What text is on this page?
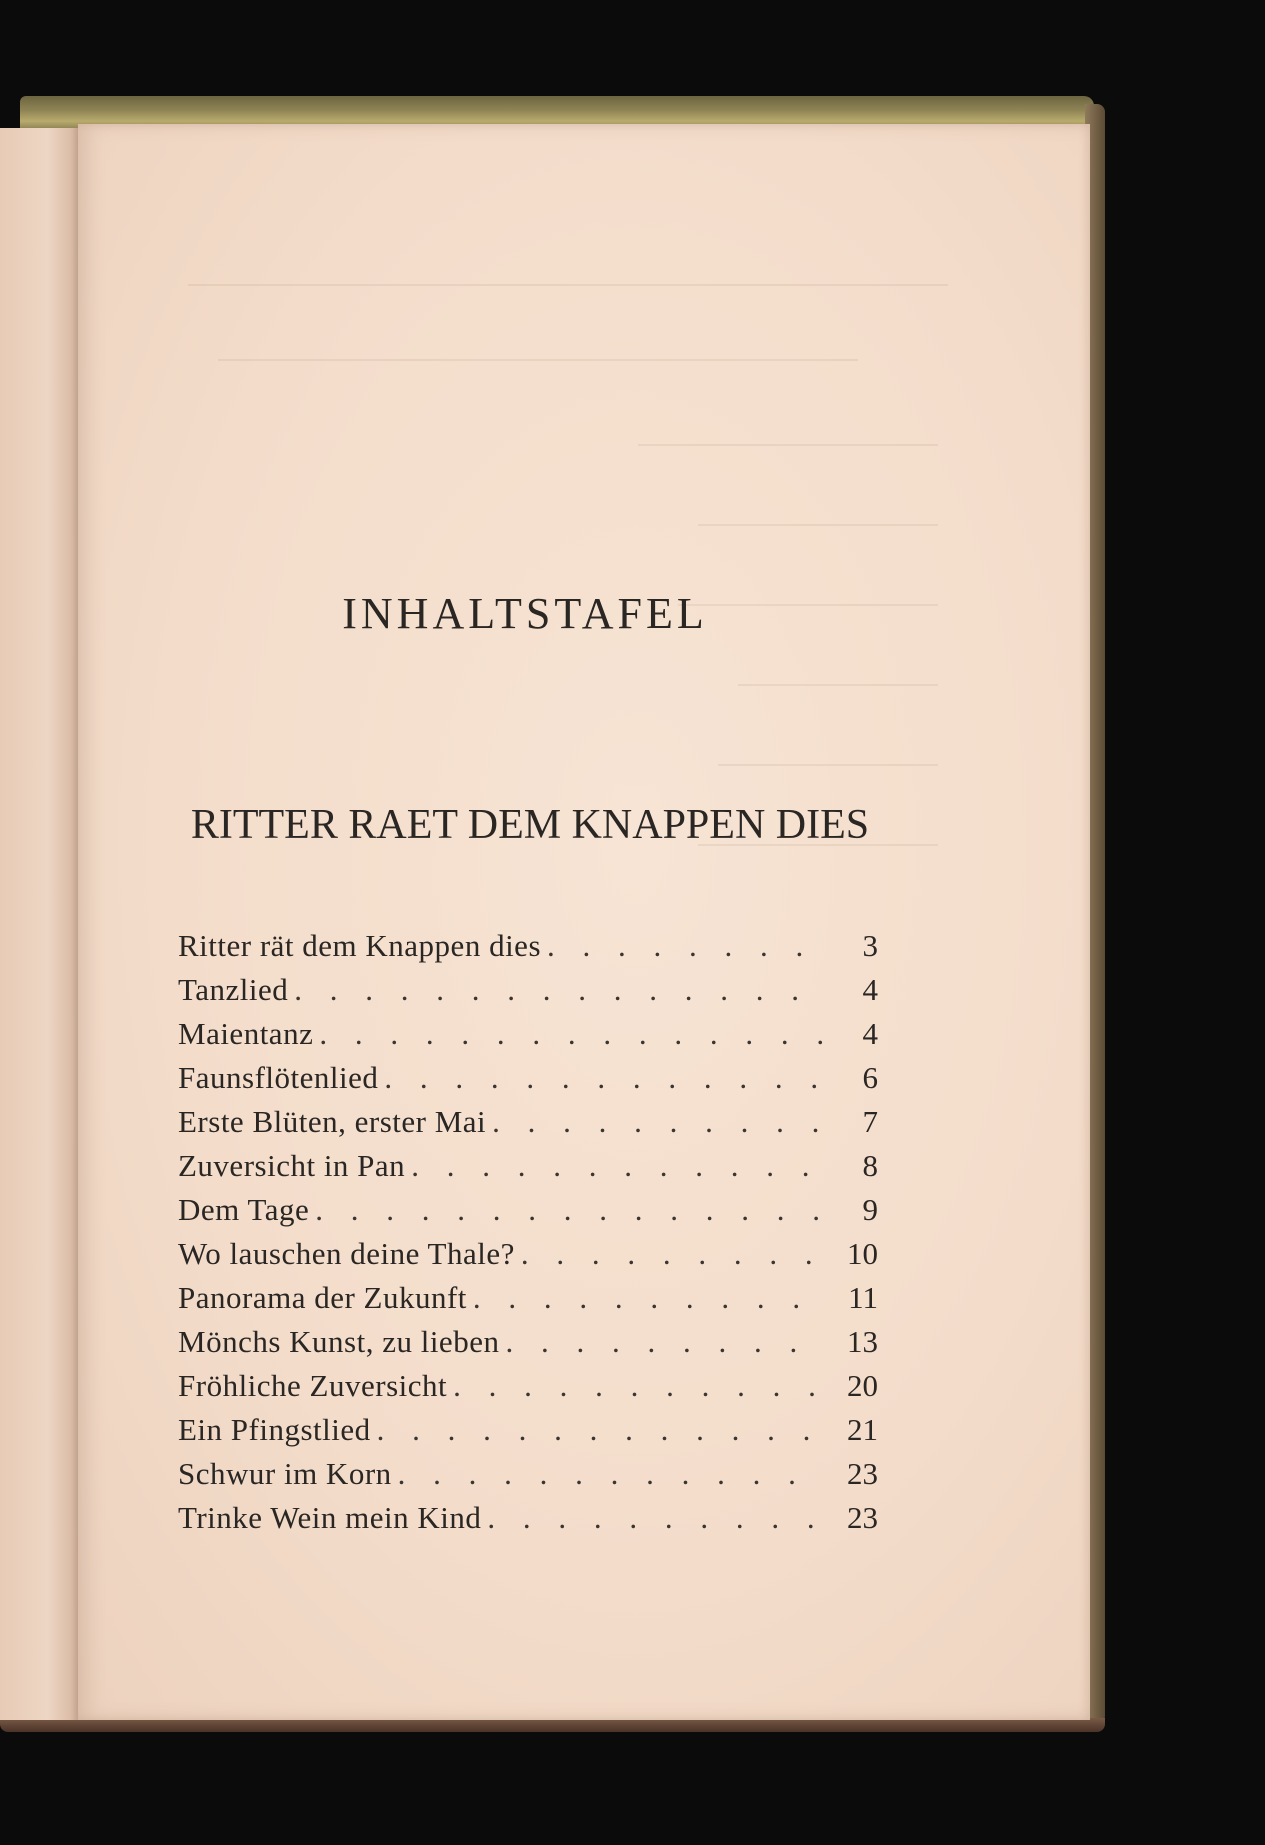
INHALTSTAFEL
RITTER RAET DEM KNAPPEN DIES
Ritter rät dem Knappen dies . . .	3
Tanzlied . . .	4
Maientanz . . .	4
Faunsflötenlied . . .	6
Erste Blüten, erster Mai . . .	7
Zuversicht in Pan . . .	8
Dem Tage . . .	9
Wo lauschen deine Thale? . . .	10
Panorama der Zukunft . . .	11
Mönchs Kunst, zu lieben . . .	13
Fröhliche Zuversicht . . .	20
Ein Pfingstlied . . .	21
Schwur im Korn . . .	23
Trinke Wein mein Kind . . .	23
